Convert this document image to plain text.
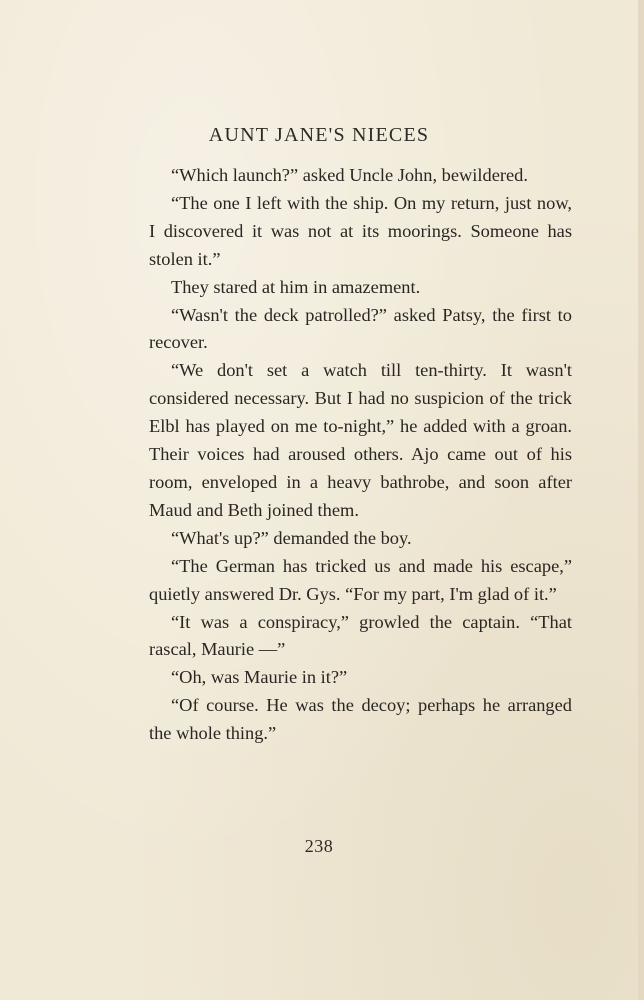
AUNT JANE'S NIECES

“Which launch?” asked Uncle John, bewildered.

“The one I left with the ship. On my return, just now, I discovered it was not at its moorings. Someone has stolen it.”

They stared at him in amazement.

“Wasn't the deck patrolled?” asked Patsy, the first to recover.

“We don't set a watch till ten-thirty. It wasn't considered necessary. But I had no suspicion of the trick Elbl has played on me to-night,” he added with a groan. Their voices had aroused others. Ajo came out of his room, enveloped in a heavy bathrobe, and soon after Maud and Beth joined them.

“What's up?” demanded the boy.

“The German has tricked us and made his escape,” quietly answered Dr. Gys. “For my part, I'm glad of it.”

“It was a conspiracy,” growled the captain. “That rascal, Maurie —”

“Oh, was Maurie in it?”

“Of course. He was the decoy; perhaps he arranged the whole thing.”

238
